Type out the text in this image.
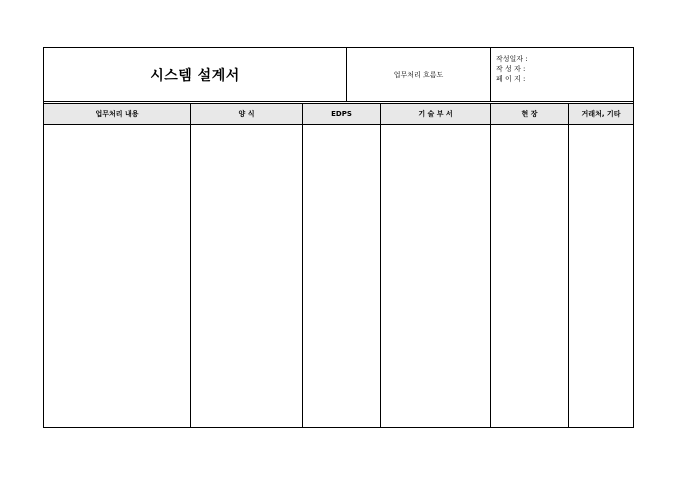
시스템 설계서	업무처리 흐름도
작성일자 :
작 성 자 :
페 이 지 :
업무처리 내용	양 식	EDPS	기 술 부 서	현 장	거래처, 기타
